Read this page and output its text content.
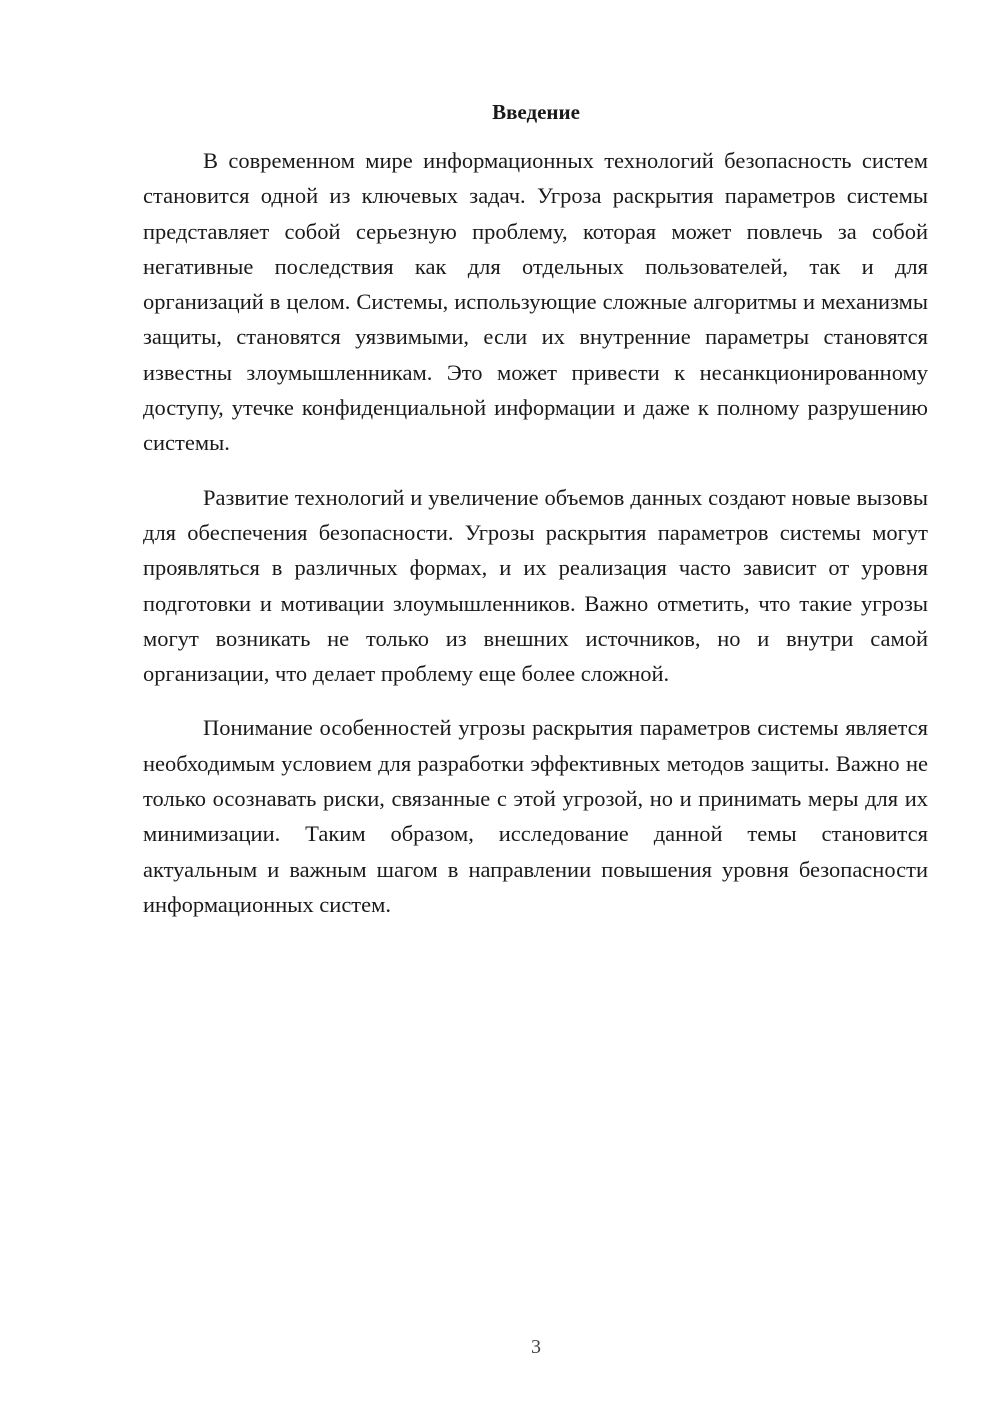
Введение

В современном мире информационных технологий безопасность систем становится одной из ключевых задач. Угроза раскрытия параметров системы представляет собой серьезную проблему, которая может повлечь за собой негативные последствия как для отдельных пользователей, так и для организаций в целом. Системы, использующие сложные алгоритмы и механизмы защиты, становятся уязвимыми, если их внутренние параметры становятся известны злоумышленникам. Это может привести к несанкционированному доступу, утечке конфиденциальной информации и даже к полному разрушению системы.

Развитие технологий и увеличение объемов данных создают новые вызовы для обеспечения безопасности. Угрозы раскрытия параметров системы могут проявляться в различных формах, и их реализация часто зависит от уровня подготовки и мотивации злоумышленников. Важно отметить, что такие угрозы могут возникать не только из внешних источников, но и внутри самой организации, что делает проблему еще более сложной.

Понимание особенностей угрозы раскрытия параметров системы является необходимым условием для разработки эффективных методов защиты. Важно не только осознавать риски, связанные с этой угрозой, но и принимать меры для их минимизации. Таким образом, исследование данной темы становится актуальным и важным шагом в направлении повышения уровня безопасности информационных систем.

3
